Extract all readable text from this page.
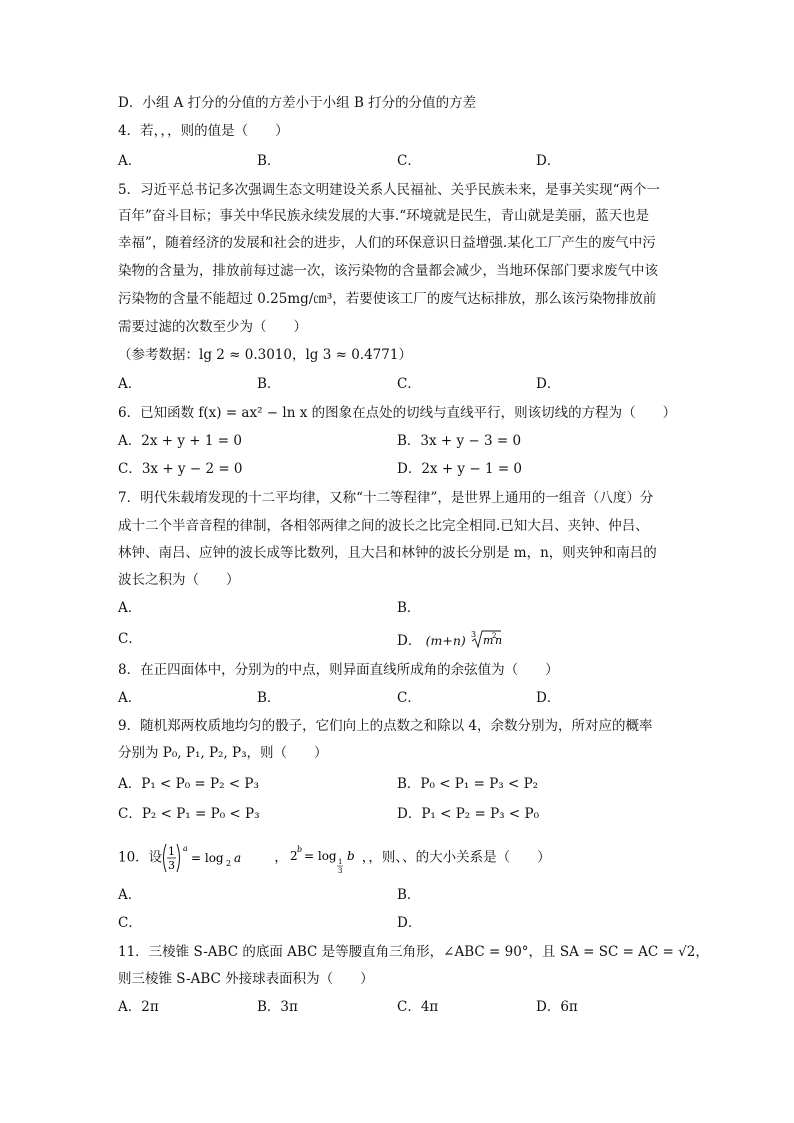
D．小组 A 打分的分值的方差小于小组 B 打分的分值的方差
4．若，，，则的值是（　　）
A．	B．	C．	D．
5．习近平总书记多次强调生态文明建设关系人民福祉、关乎民族未来，是事关实现“两个一
百年”奋斗目标；事关中华民族永续发展的大事.“环境就是民生，青山就是美丽，蓝天也是
幸福”，随着经济的发展和社会的进步，人们的环保意识日益增强.某化工厂产生的废气中污
染物的含量为，排放前每过滤一次，该污染物的含量都会减少，当地环保部门要求废气中该
污染物的含量不能超过 0.25mg/㎝³，若要使该工厂的废气达标排放，那么该污染物排放前
需要过滤的次数至少为（　　）
（参考数据：lg 2 ≈ 0.3010，lg 3 ≈ 0.4771）
A．	B．	C．	D．
6．已知函数 f(x) = ax² − ln x 的图象在点处的切线与直线平行，则该切线的方程为（　　）
A．2x + y + 1 = 0	B．3x + y − 3 = 0
C．3x + y − 2 = 0	D．2x + y − 1 = 0
7．明代朱载堉发现的十二平均律，又称“十二等程律”，是世界上通用的一组音（八度）分
成十二个半音音程的律制，各相邻两律之间的波长之比完全相同.已知大吕、夹钟、仲吕、
林钟、南吕、应钟的波长成等比数列，且大吕和林钟的波长分别是 m，n，则夹钟和南吕的
波长之积为（　　）
A．	B．
C．	D． (m+n) 3 m
2
n
8．在正四面体中，分别为的中点，则异面直线所成角的余弦值为（　　）
A．	B．	C．	D．
9．随机郑两枚质地均匀的骰子，它们向上的点数之和除以 4，余数分别为，所对应的概率
分别为 P₀, P₁, P₂, P₃，则（　　）
A．P₁ < P₀ = P₂ < P₃	B．P₀ < P₁ = P₃ < P₂
C．P₂ < P₁ = P₀ < P₃	D．P₁ < P₂ = P₃ < P₀
10．设 1
3
a
= log 2 a ， 2 b = log 1
3
b ，，则、、的大小关系是（　　）
A．	B．
C．	D．
11．三棱锥 S-ABC 的底面 ABC 是等腰直角三角形，∠ABC = 90°，且 SA = SC = AC = √2，
则三棱锥 S-ABC 外接球表面积为（　　）
A．2π	B．3π	C．4π	D．6π
